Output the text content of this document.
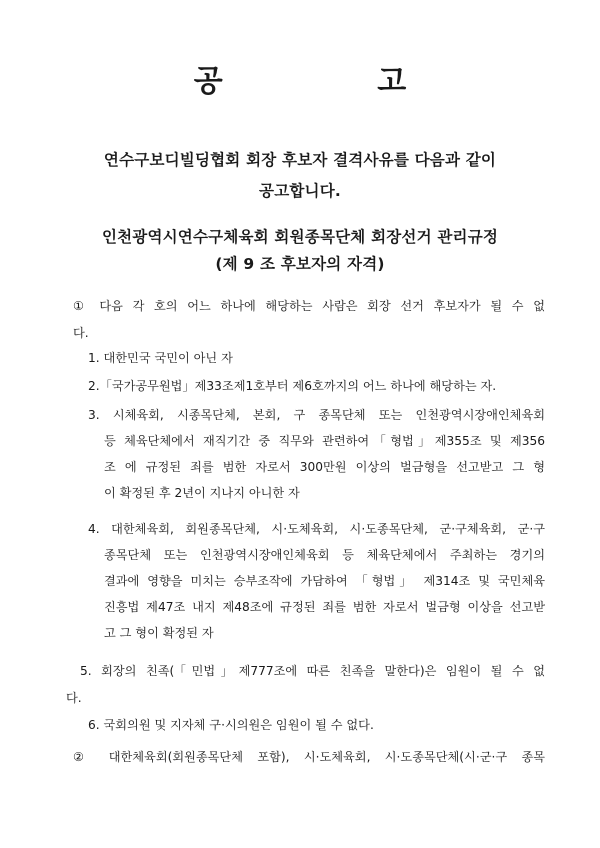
공 고
연수구보디빌딩협회 회장 후보자 결격사유를 다음과 같이
공고합니다.
인천광역시연수구체육회 회원종목단체 회장선거 관리규정
(제 9 조 후보자의 자격)
① 다음 각 호의 어느 하나에 해당하는 사람은 회장 선거 후보자가 될 수 없
다.
1. 대한민국 국민이 아닌 자
2.「국가공무원법」제33조제1호부터 제6호까지의 어느 하나에 해당하는 자.
3. 시체육회, 시종목단체, 본회, 구 종목단체 또는 인천광역시장애인체육회
등 체육단체에서 재직기간 중 직무와 관련하여「형법」제355조 및 제356
조 에 규정된 죄를 범한 자로서 300만원 이상의 벌금형을 선고받고 그 형
이 확정된 후 2년이 지나지 아니한 자
4. 대한체육회, 회원종목단체, 시·도체육회, 시·도종목단체, 군·구체육회, 군·구
종목단체 또는 인천광역시장애인체육회 등 체육단체에서 주최하는 경기의
결과에 영향을 미치는 승부조작에 가담하여 「형법」 제314조 및 국민체육
진흥법 제47조 내지 제48조에 규정된 죄를 범한 자로서 벌금형 이상을 선고받
고 그 형이 확정된 자
5. 회장의 친족(「민법」제777조에 따른 친족을 말한다)은 임원이 될 수 없
다.
6. 국회의원 및 지자체 구·시의원은 임원이 될 수 없다.
② 대한체육회(회원종목단체 포함), 시·도체육회, 시·도종목단체(시·군·구 종목
